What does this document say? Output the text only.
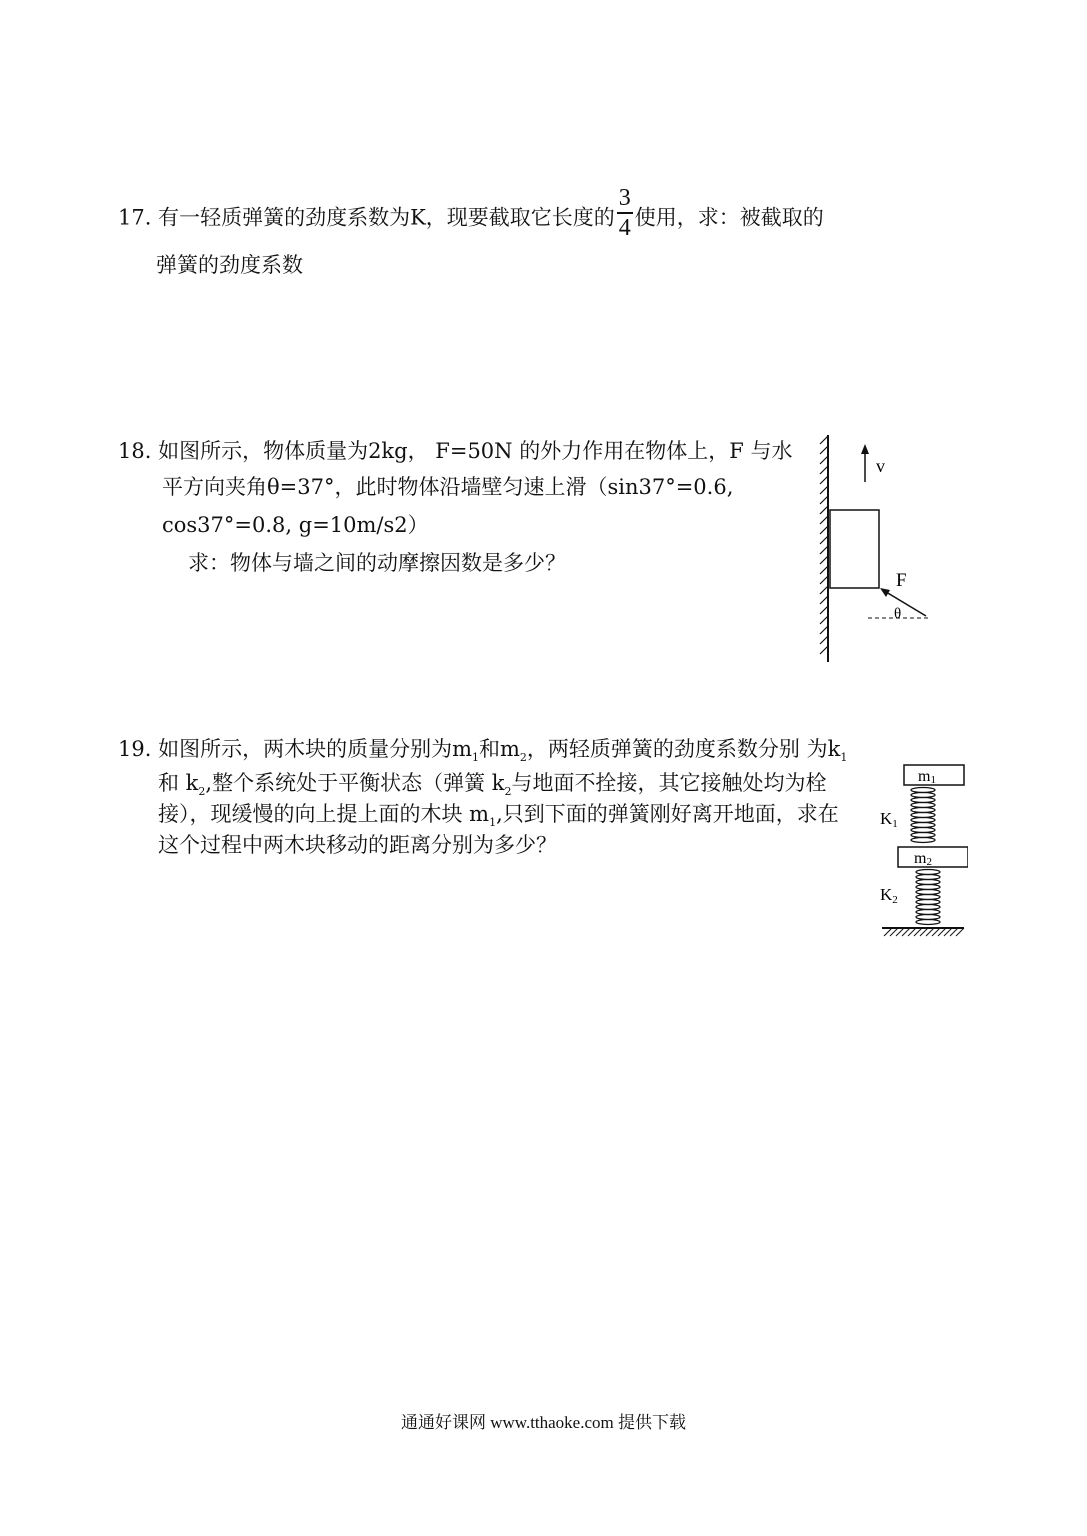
17. 有一轻质弹簧的劲度系数为K，现要截取它长度的 $\frac{3}{4}$ 使用，求：被截取的
弹簧的劲度系数
18. 如图所示，物体质量为2kg， F=50N 的外力作用在物体上，F 与水
平方向夹角θ=37°，此时物体沿墙壁匀速上滑（sin37°=0.6,
cos37°=0.8, g=10m/s2）
求：物体与墙之间的动摩擦因数是多少？
v
F
θ
19. 如图所示，两木块的质量分别为$m_1$和$m_2$，两轻质弹簧的劲度系数分别 为$k_1$
和 $k_2$,整个系统处于平衡状态（弹簧 $k_2$与地面不拴接，其它接触处均为栓
接），现缓慢的向上提上面的木块 $m_1$,只到下面的弹簧刚好离开地面，求在
这个过程中两木块移动的距离分别为多少？
m1
K1
m2
K2
通通好课网 www.tthaoke.com 提供下载
